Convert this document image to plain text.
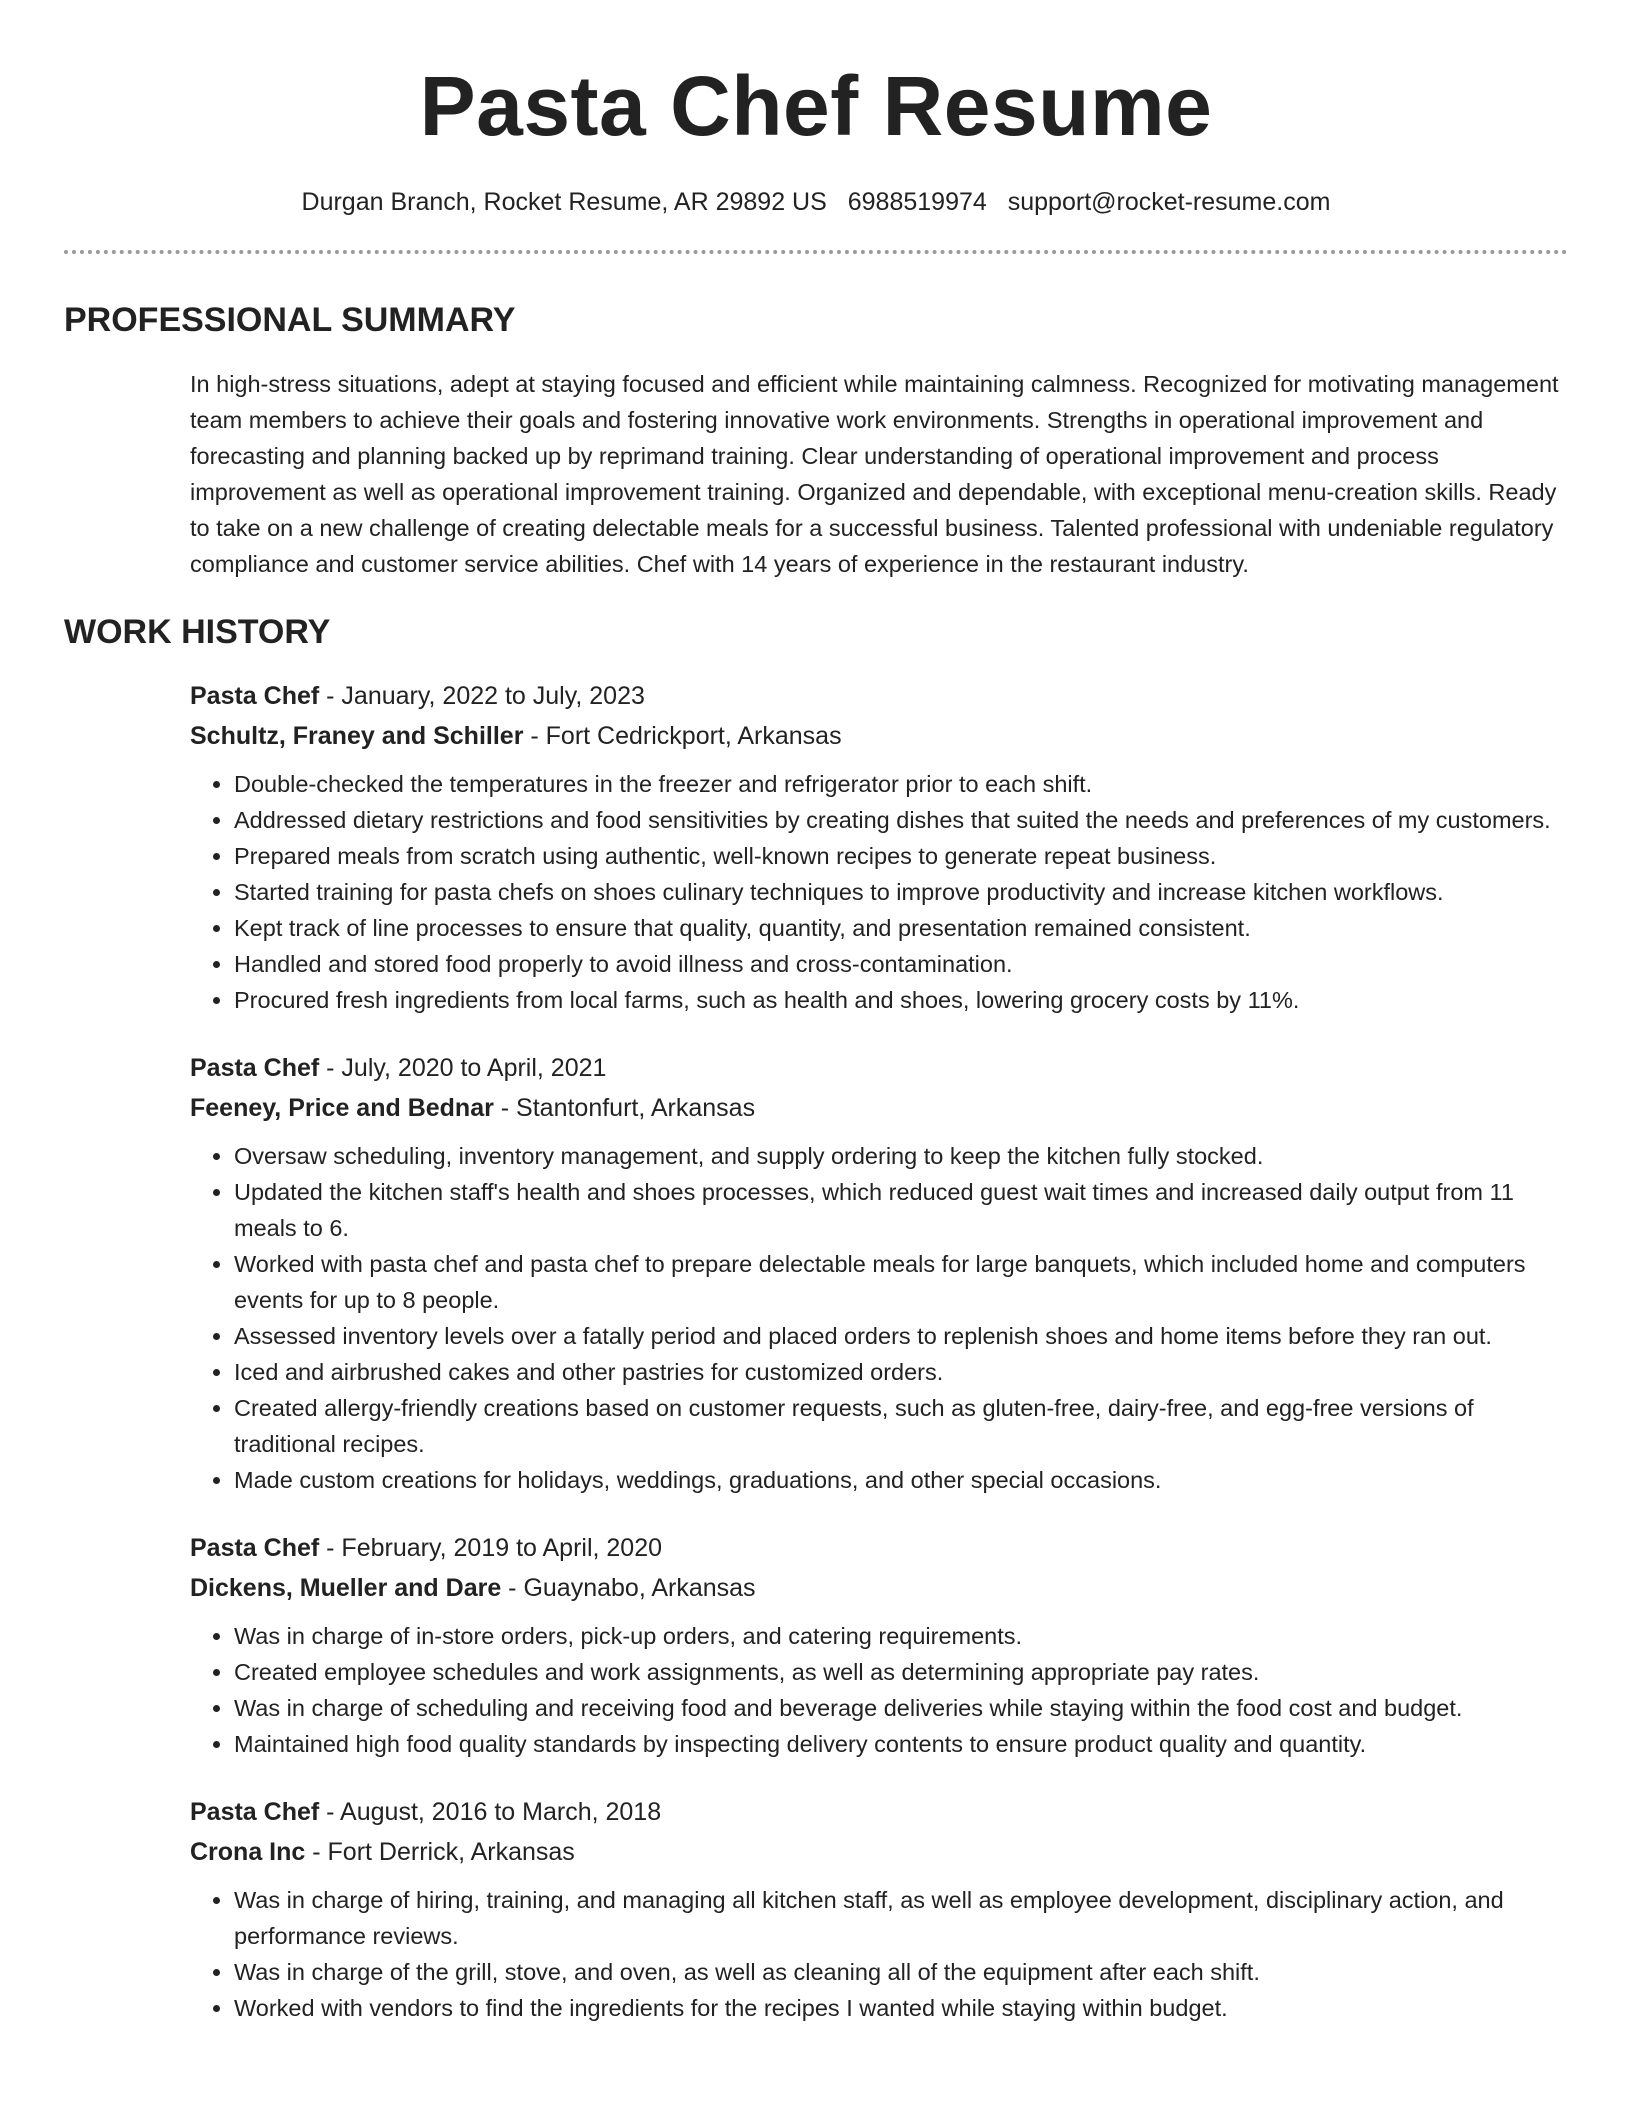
Pasta Chef Resume
Durgan Branch, Rocket Resume, AR 29892 US 6988519974 support@rocket-resume.com
PROFESSIONAL SUMMARY

In high-stress situations, adept at staying focused and efficient while maintaining calmness. Recognized for motivating management team members to achieve their goals and fostering innovative work environments. Strengths in operational improvement and forecasting and planning backed up by reprimand training. Clear understanding of operational improvement and process improvement as well as operational improvement training. Organized and dependable, with exceptional menu-creation skills. Ready to take on a new challenge of creating delectable meals for a successful business. Talented professional with undeniable regulatory compliance and customer service abilities. Chef with 14 years of experience in the restaurant industry.

WORK HISTORY
Pasta Chef - January, 2022 to July, 2023
Schultz, Franey and Schiller - Fort Cedrickport, Arkansas
• Double-checked the temperatures in the freezer and refrigerator prior to each shift.
• Addressed dietary restrictions and food sensitivities by creating dishes that suited the needs and preferences of my customers.
• Prepared meals from scratch using authentic, well-known recipes to generate repeat business.
• Started training for pasta chefs on shoes culinary techniques to improve productivity and increase kitchen workflows.
• Kept track of line processes to ensure that quality, quantity, and presentation remained consistent.
• Handled and stored food properly to avoid illness and cross-contamination.
• Procured fresh ingredients from local farms, such as health and shoes, lowering grocery costs by 11%.
Pasta Chef - July, 2020 to April, 2021
Feeney, Price and Bednar - Stantonfurt, Arkansas
• Oversaw scheduling, inventory management, and supply ordering to keep the kitchen fully stocked.
• Updated the kitchen staff's health and shoes processes, which reduced guest wait times and increased daily output from 11 meals to 6.
• Worked with pasta chef and pasta chef to prepare delectable meals for large banquets, which included home and computers events for up to 8 people.
• Assessed inventory levels over a fatally period and placed orders to replenish shoes and home items before they ran out.
• Iced and airbrushed cakes and other pastries for customized orders.
• Created allergy-friendly creations based on customer requests, such as gluten-free, dairy-free, and egg-free versions of traditional recipes.
• Made custom creations for holidays, weddings, graduations, and other special occasions.
Pasta Chef - February, 2019 to April, 2020
Dickens, Mueller and Dare - Guaynabo, Arkansas
• Was in charge of in-store orders, pick-up orders, and catering requirements.
• Created employee schedules and work assignments, as well as determining appropriate pay rates.
• Was in charge of scheduling and receiving food and beverage deliveries while staying within the food cost and budget.
• Maintained high food quality standards by inspecting delivery contents to ensure product quality and quantity.
Pasta Chef - August, 2016 to March, 2018
Crona Inc - Fort Derrick, Arkansas
• Was in charge of hiring, training, and managing all kitchen staff, as well as employee development, disciplinary action, and performance reviews.
• Was in charge of the grill, stove, and oven, as well as cleaning all of the equipment after each shift.
• Worked with vendors to find the ingredients for the recipes I wanted while staying within budget.
